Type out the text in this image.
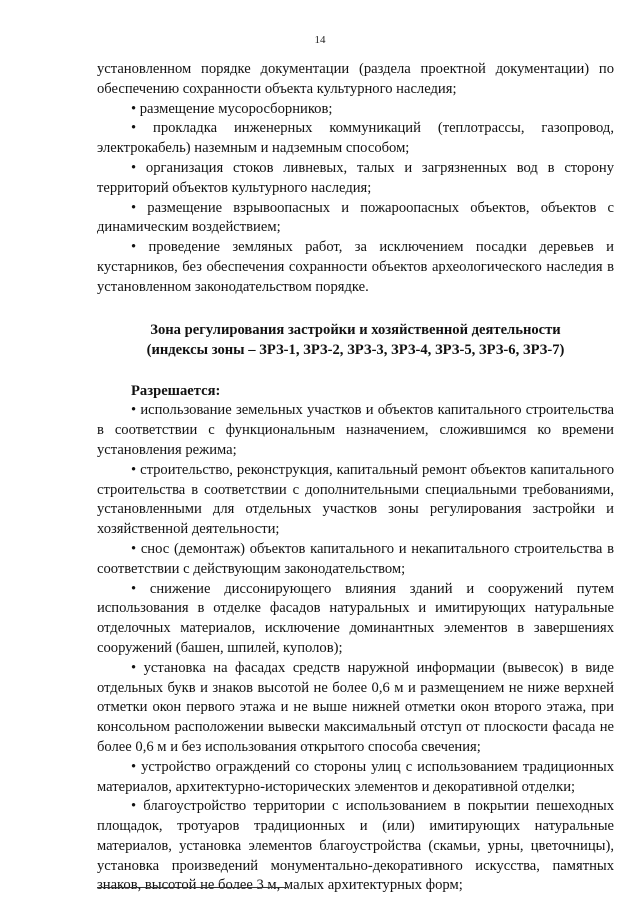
14

установленном порядке документации (раздела проектной документации) по обеспечению сохранности объекта культурного наследия;

• размещение мусоросборников;

• прокладка инженерных коммуникаций (теплотрассы, газопровод, электрокабель) наземным и надземным способом;

• организация стоков ливневых, талых и загрязненных вод в сторону территорий объектов культурного наследия;

• размещение взрывоопасных и пожароопасных объектов, объектов с динамическим воздействием;

• проведение земляных работ, за исключением посадки деревьев и кустарников, без обеспечения сохранности объектов археологического наследия в установленном законодательством порядке.

Зона регулирования застройки и хозяйственной деятельности
(индексы зоны – ЗРЗ-1, ЗРЗ-2, ЗРЗ-3, ЗРЗ-4, ЗРЗ-5, ЗРЗ-6, ЗРЗ-7)

Разрешается:

• использование земельных участков и объектов капитального строительства в соответствии с функциональным назначением, сложившимся ко времени установления режима;

• строительство, реконструкция, капитальный ремонт объектов капитального строительства в соответствии с дополнительными специальными требованиями, установленными для отдельных участков зоны регулирования застройки и хозяйственной деятельности;

• снос (демонтаж) объектов капитального и некапитального строительства в соответствии с действующим законодательством;

• снижение диссонирующего влияния зданий и сооружений путем использования в отделке фасадов натуральных и имитирующих натуральные отделочных материалов, исключение доминантных элементов в завершениях сооружений (башен, шпилей, куполов);

• установка на фасадах средств наружной информации (вывесок) в виде отдельных букв и знаков высотой не более 0,6 м и размещением не ниже верхней отметки окон первого этажа и не выше нижней отметки окон второго этажа, при консольном расположении вывески максимальный отступ от плоскости фасада не более 0,6 м и без использования открытого способа свечения;

• устройство ограждений со стороны улиц с использованием традиционных материалов, архитектурно-исторических элементов и декоративной отделки;

• благоустройство территории с использованием в покрытии пешеходных площадок, тротуаров традиционных и (или) имитирующих натуральные материалов, установка элементов благоустройства (скамьи, урны, цветочницы), установка произведений монументально-декоративного искусства, памятных знаков, высотой не более 3 м, малых архитектурных форм;
